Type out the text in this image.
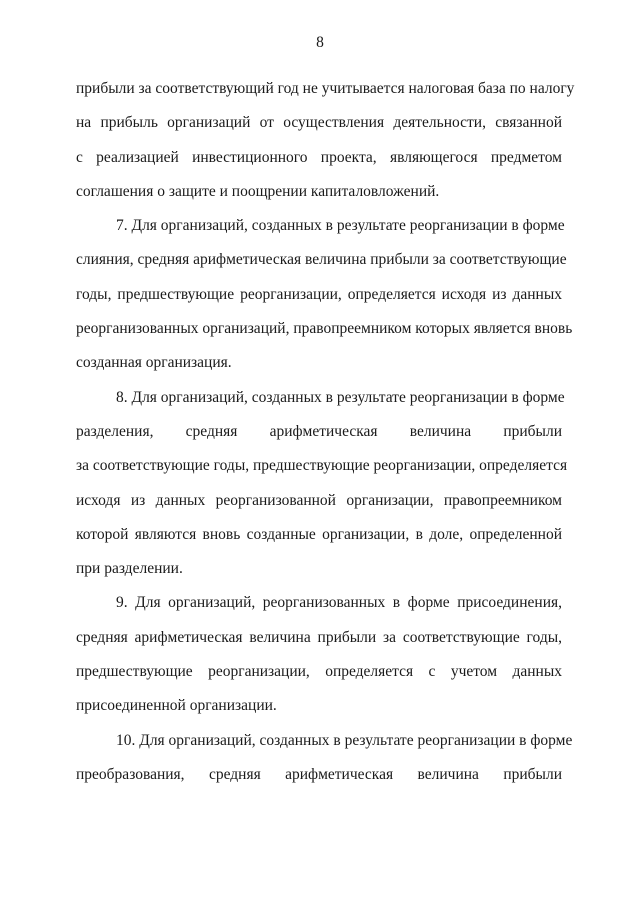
8
прибыли за соответствующий год не учитывается налоговая база по налогу
на прибыль организаций от осуществления деятельности, связанной
с реализацией инвестиционного проекта, являющегося предметом
соглашения о защите и поощрении капиталовложений.
7. Для организаций, созданных в результате реорганизации в форме
слияния, средняя арифметическая величина прибыли за соответствующие
годы, предшествующие реорганизации, определяется исходя из данных
реорганизованных организаций, правопреемником которых является вновь
созданная организация.
8. Для организаций, созданных в результате реорганизации в форме
разделения, средняя арифметическая величина прибыли
за соответствующие годы, предшествующие реорганизации, определяется
исходя из данных реорганизованной организации, правопреемником
которой являются вновь созданные организации, в доле, определенной
при разделении.
9. Для организаций, реорганизованных в форме присоединения,
средняя арифметическая величина прибыли за соответствующие годы,
предшествующие реорганизации, определяется с учетом данных
присоединенной организации.
10. Для организаций, созданных в результате реорганизации в форме
преобразования, средняя арифметическая величина прибыли
